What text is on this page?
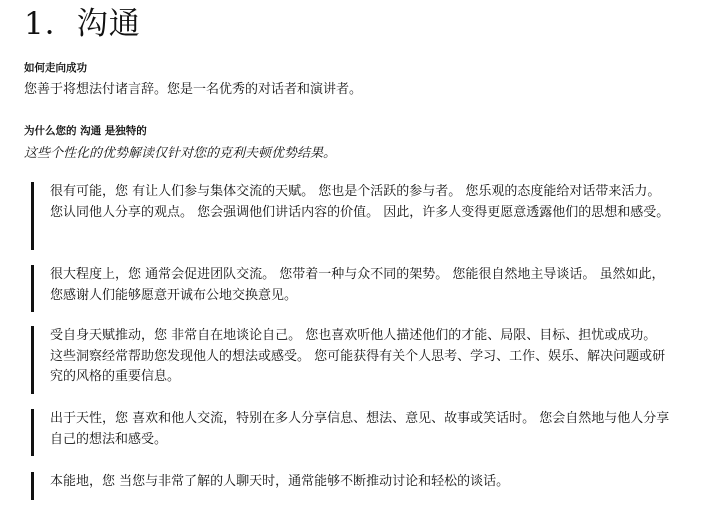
1．沟通
如何走向成功
您善于将想法付诸言辞。您是一名优秀的对话者和演讲者。
为什么您的 沟通 是独特的
这些个性化的优势解读仅针对您的克利夫顿优势结果。

很有可能，您 有让人们参与集体交流的天赋。 您也是个活跃的参与者。 您乐观的态度能给对话带来活力。 您认同他人分享的观点。 您会强调他们讲话内容的价值。 因此，许多人变得更愿意透露他们的思想和感受。

很大程度上，您 通常会促进团队交流。 您带着一种与众不同的架势。 您能很自然地主导谈话。 虽然如此，您感谢人们能够愿意开诚布公地交换意见。

受自身天赋推动，您 非常自在地谈论自己。 您也喜欢听他人描述他们的才能、局限、目标、担忧或成功。 这些洞察经常帮助您发现他人的想法或感受。 您可能获得有关个人思考、学习、工作、娱乐、解决问题或研究的风格的重要信息。

出于天性，您 喜欢和他人交流，特别在多人分享信息、想法、意见、故事或笑话时。 您会自然地与他人分享自己的想法和感受。

本能地，您 当您与非常了解的人聊天时，通常能够不断推动讨论和轻松的谈话。
